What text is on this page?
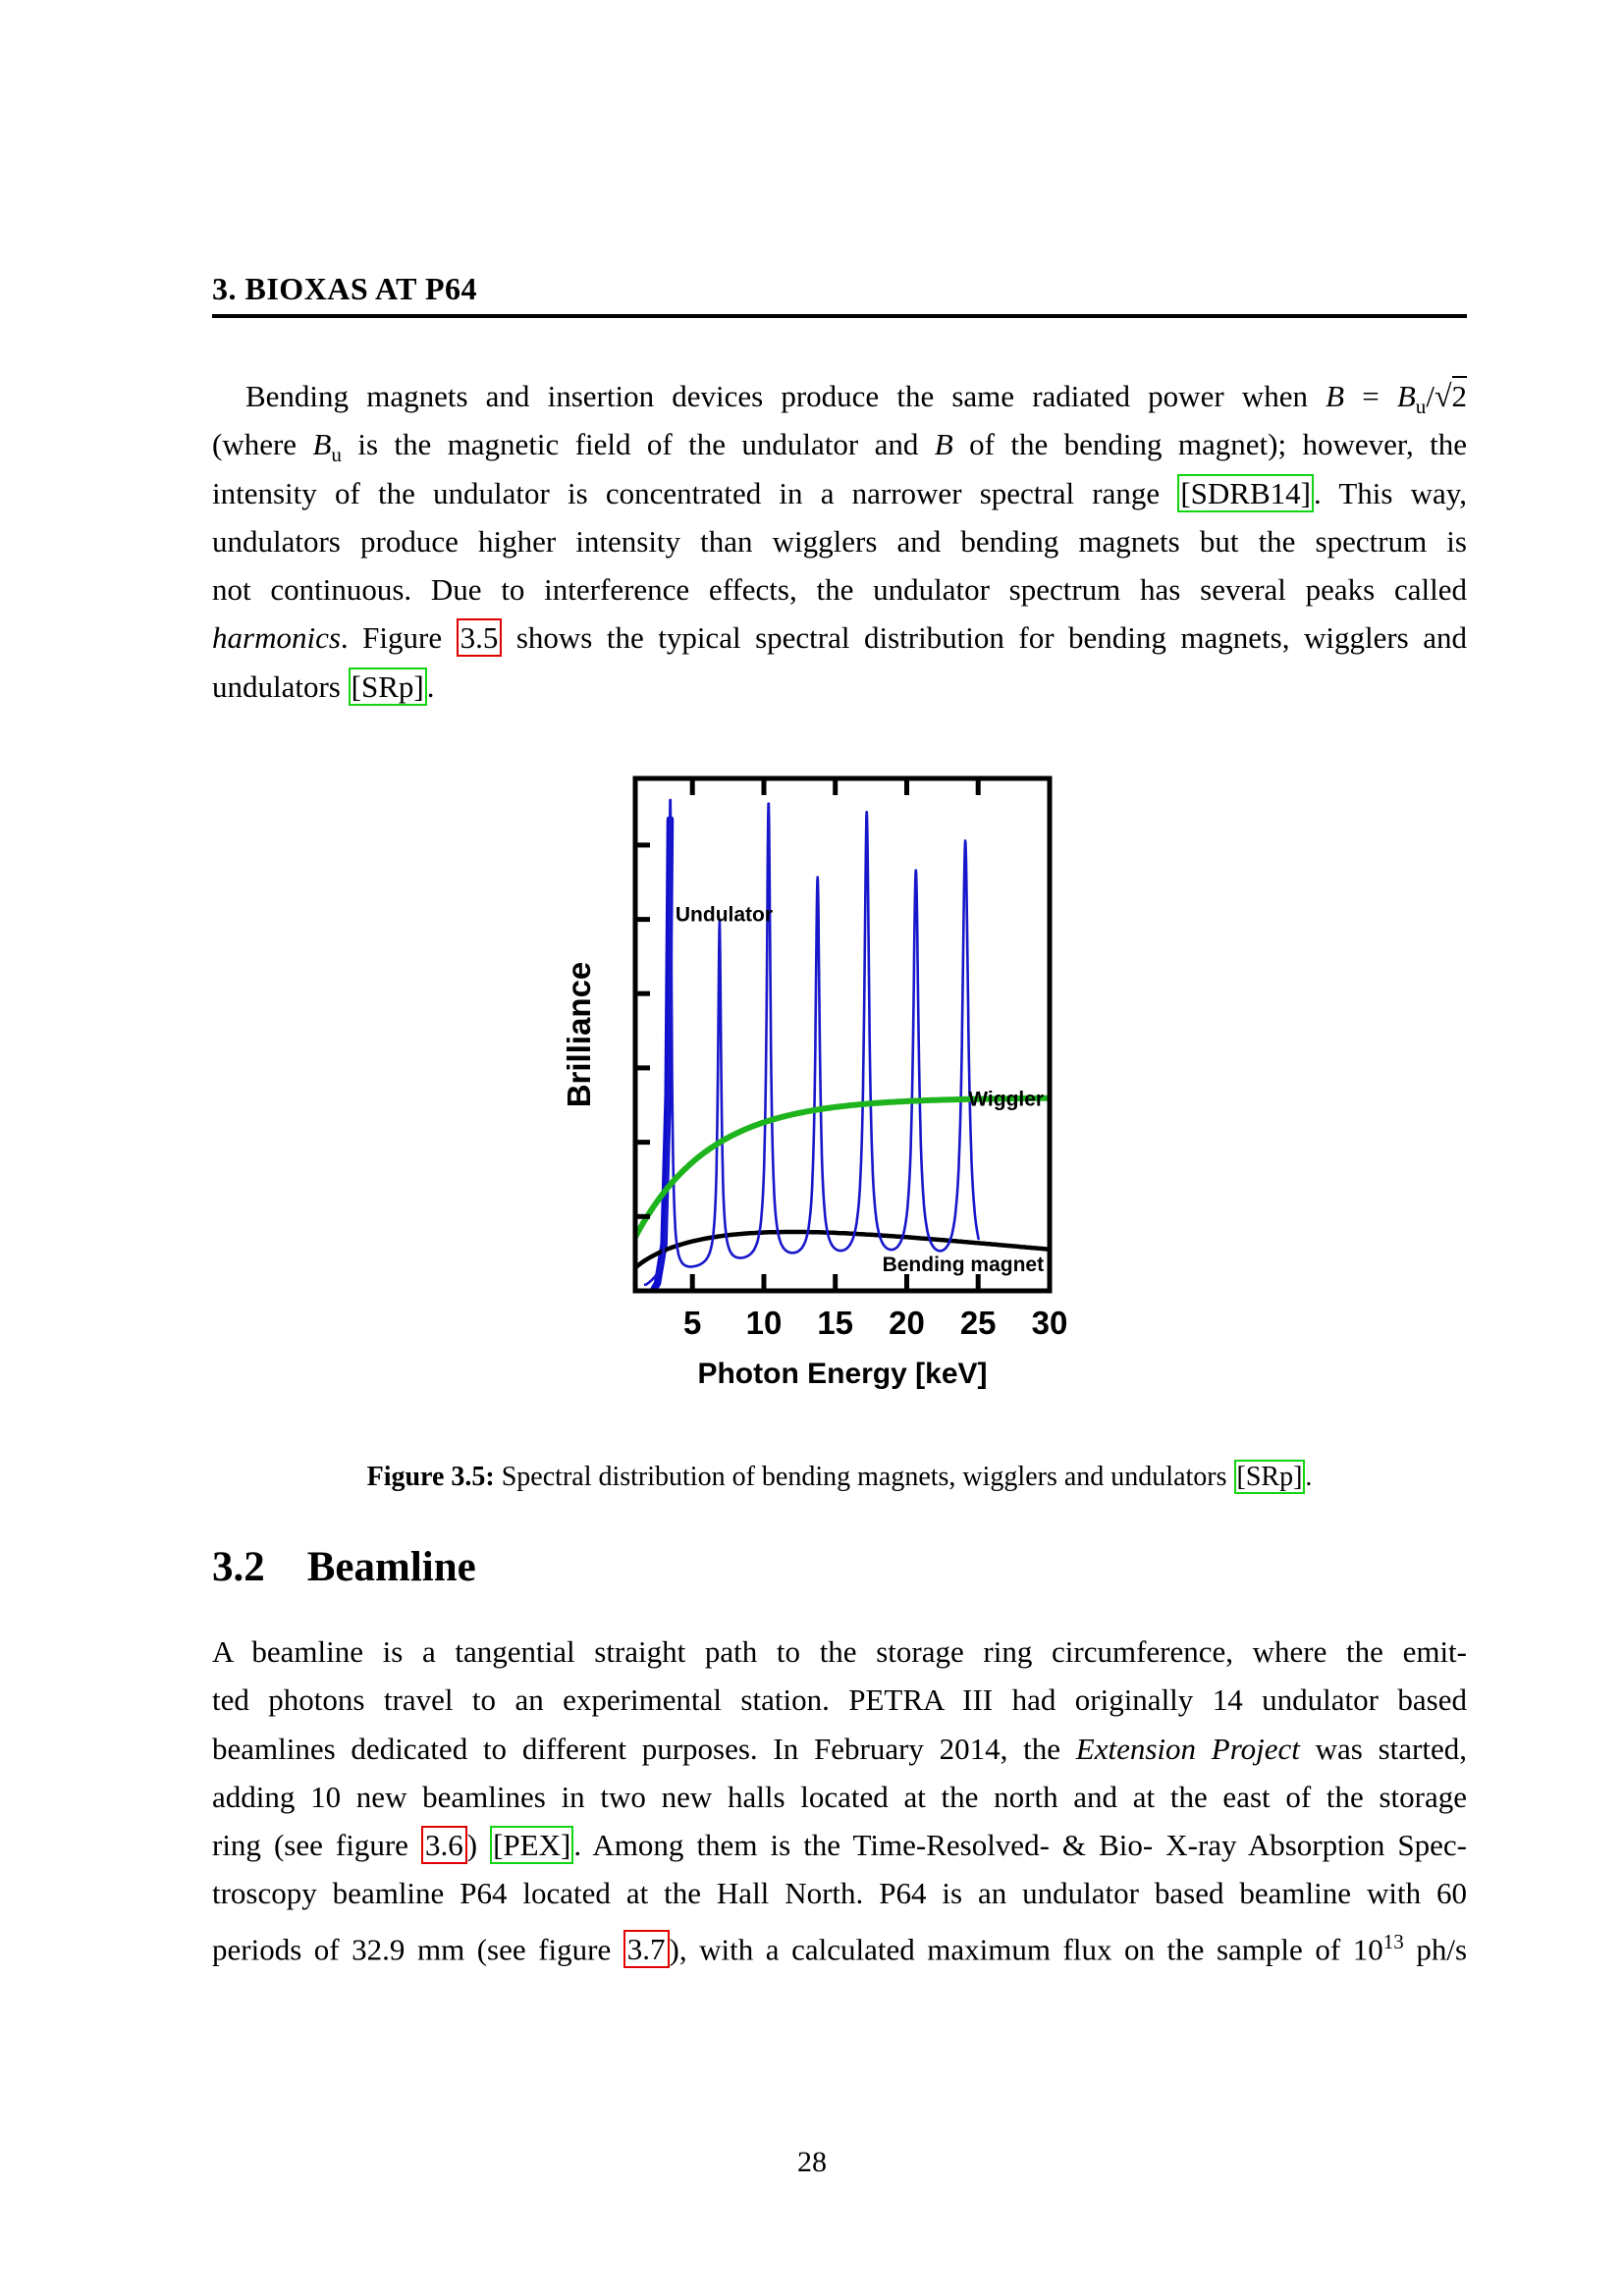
3. BIOXAS AT P64
Bending magnets and insertion devices produce the same radiated power when $B = B_u/√2$
(where $B_u$ is the magnetic field of the undulator and B of the bending magnet); however, the
intensity of the undulator is concentrated in a narrower spectral range [SDRB14]. This way,
undulators produce higher intensity than wigglers and bending magnets but the spectrum is
not continuous. Due to interference effects, the undulator spectrum has several peaks called
harmonics. Figure 3.5 shows the typical spectral distribution for bending magnets, wigglers and
undulators [SRp].
5 10 15 20 25 30
Photon Energy [keV]
Brilliance
Undulator
Wiggler
Bending magnet
Figure 3.5: Spectral distribution of bending magnets, wigglers and undulators [SRp] .
3.2 Beamline
A beamline is a tangential straight path to the storage ring circumference, where the emit-
ted photons travel to an experimental station. PETRA III had originally 14 undulator based
beamlines dedicated to different purposes. In February 2014, the Extension Project was started,
adding 10 new beamlines in two new halls located at the north and at the east of the storage
ring (see figure 3.6 ) [PEX]. Among them is the Time-Resolved- & Bio- X-ray Absorption Spec-
troscopy beamline P64 located at the Hall North. P64 is an undulator based beamline with 60
periods of 32.9 mm (see figure 3.7 ), with a calculated maximum flux on the sample of $10^{13}$ ph/s
28
